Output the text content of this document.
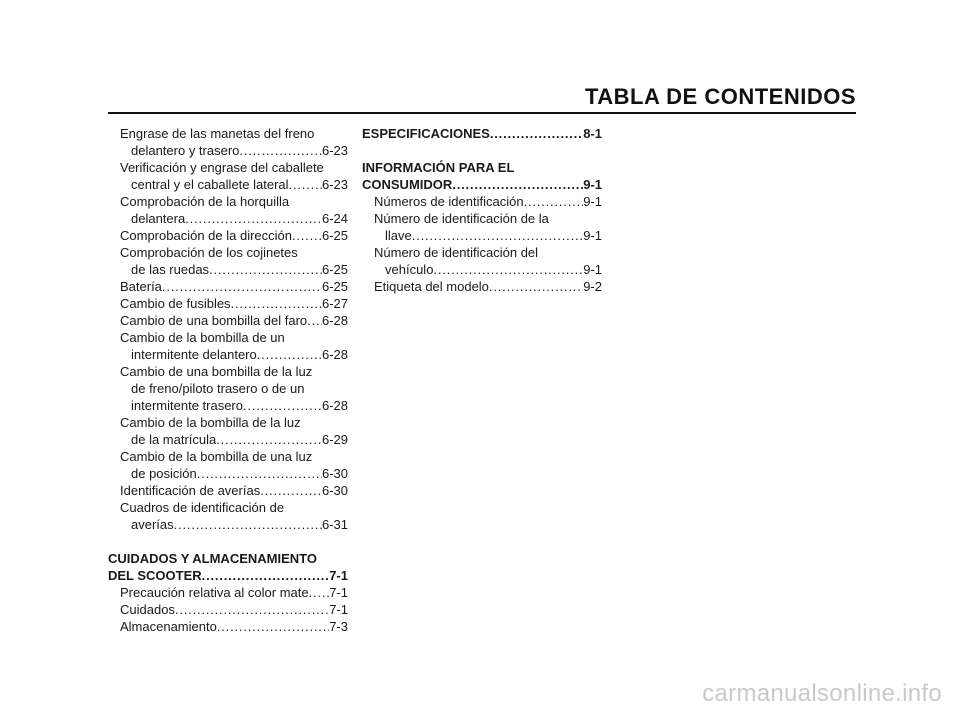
TABLA DE CONTENIDOS
Engrase de las manetas del freno
delantero y trasero .....	6-23
Verificación y engrase del caballete
central y el caballete lateral .....	6-23
Comprobación de la horquilla
delantera .....	6-24
Comprobación de la dirección ..... 6-25
Comprobación de los cojinetes
de las ruedas .....	6-25
Batería .....	6-25
Cambio de fusibles .....	6-27
Cambio de una bombilla del faro ..... 6-28
Cambio de la bombilla de un
intermitente delantero .....	6-28
Cambio de una bombilla de la luz
de freno/piloto trasero o de un
intermitente trasero .....	6-28
Cambio de la bombilla de la luz
de la matrícula .....	6-29
Cambio de la bombilla de una luz
de posición .....	6-30
Identificación de averías .....	6-30
Cuadros de identificación de
averías .....	6-31
CUIDADOS Y ALMACENAMIENTO
DEL SCOOTER .....	7-1
Precaución relativa al color mate ..... 7-1
Cuidados .....	7-1
Almacenamiento .....	7-3
ESPECIFICACIONES .....	8-1
INFORMACIÓN PARA EL
CONSUMIDOR .....	9-1
Números de identificación .....	9-1
Número de identificación de la
llave .....	9-1
Número de identificación del
vehículo .....	9-1
Etiqueta del modelo .....	9-2
carmanualsonline.info
